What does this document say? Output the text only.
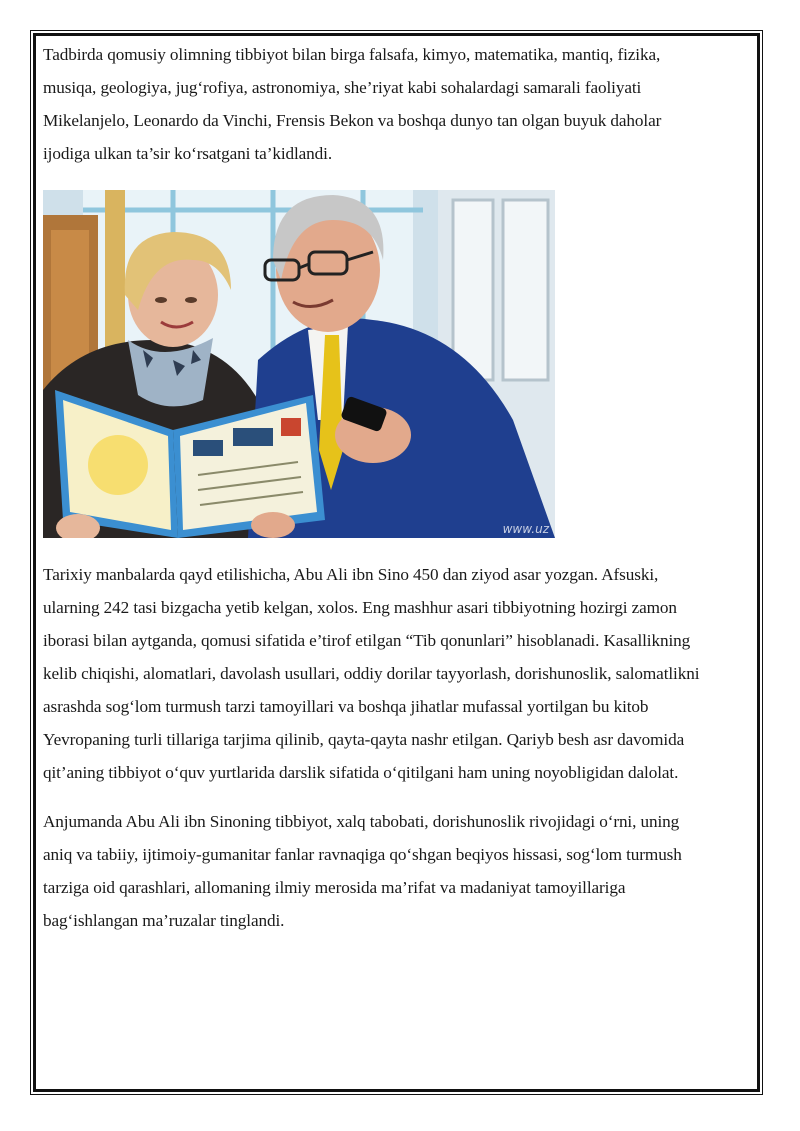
Tadbirda qomusiy olimning tibbiyot bilan birga falsafa, kimyo, matematika, mantiq, fizika, musiqa, geologiya, jug‘rofiya, astronomiya, she’riyat kabi sohalardagi samarali faoliyati Mikelanjelo, Leonardo da Vinchi, Frensis Bekon va boshqa dunyo tan olgan buyuk daholar ijodiga ulkan ta’sir ko‘rsatgani ta’kidlandi.

www.uz

Tarixiy manbalarda qayd etilishicha, Abu Ali ibn Sino 450 dan ziyod asar yozgan. Afsuski, ularning 242 tasi bizgacha yetib kelgan, xolos. Eng mashhur asari tibbiyotning hozirgi zamon iborasi bilan aytganda, qomusi sifatida e’tirof etilgan “Tib qonunlari” hisoblanadi. Kasallikning kelib chiqishi, alomatlari, davolash usullari, oddiy dorilar tayyorlash, dorishunoslik, salomatlikni asrashda sog‘lom turmush tarzi tamoyillari va boshqa jihatlar mufassal yortilgan bu kitob Yevropaning turli tillariga tarjima qilinib, qayta-qayta nashr etilgan. Qariyb besh asr davomida qit’aning tibbiyot o‘quv yurtlarida darslik sifatida o‘qitilgani ham uning noyobligidan dalolat.

Anjumanda Abu Ali ibn Sinoning tibbiyot, xalq tabobati, dorishunoslik rivojidagi o‘rni, uning aniq va tabiiy, ijtimoiy-gumanitar fanlar ravnaqiga qo‘shgan beqiyos hissasi, sog‘lom turmush tarziga oid qarashlari, allomaning ilmiy merosida ma’rifat va madaniyat tamoyillariga bag‘ishlangan ma’ruzalar tinglandi.
